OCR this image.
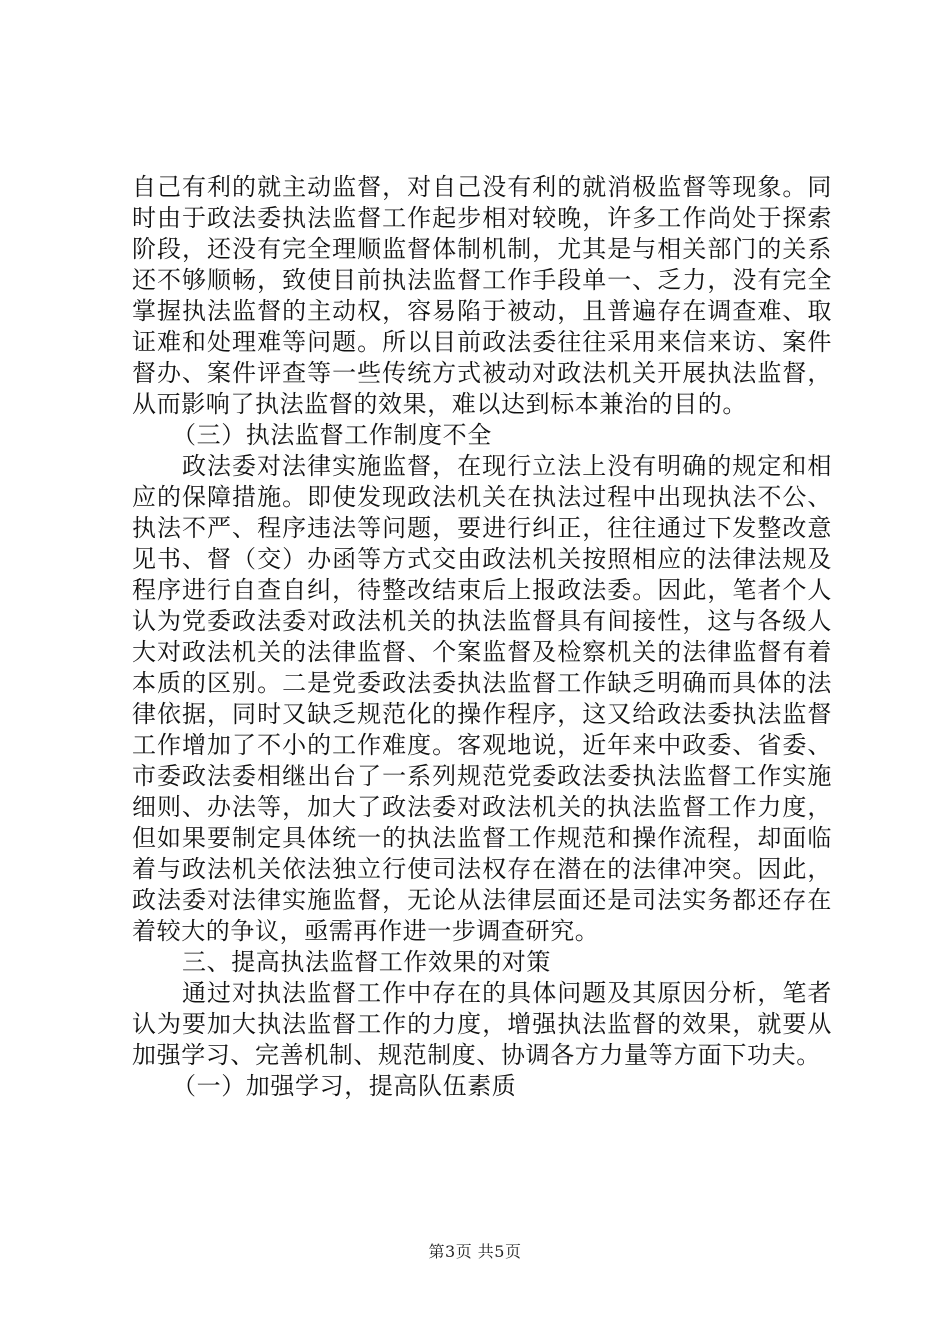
自己有利的就主动监督，对自己没有利的就消极监督等现象。同时由于政法委执法监督工作起步相对较晚，许多工作尚处于探索阶段，还没有完全理顺监督体制机制，尤其是与相关部门的关系还不够顺畅，致使目前执法监督工作手段单一、乏力，没有完全掌握执法监督的主动权，容易陷于被动，且普遍存在调查难、取证难和处理难等问题。所以目前政法委往往采用来信来访、案件督办、案件评查等一些传统方式被动对政法机关开展执法监督，从而影响了执法监督的效果，难以达到标本兼治的目的。

（三）执法监督工作制度不全

政法委对法律实施监督，在现行立法上没有明确的规定和相应的保障措施。即使发现政法机关在执法过程中出现执法不公、执法不严、程序违法等问题，要进行纠正，往往通过下发整改意见书、督（交）办函等方式交由政法机关按照相应的法律法规及程序进行自查自纠，待整改结束后上报政法委。因此，笔者个人认为党委政法委对政法机关的执法监督具有间接性，这与各级人大对政法机关的法律监督、个案监督及检察机关的法律监督有着本质的区别。二是党委政法委执法监督工作缺乏明确而具体的法律依据，同时又缺乏规范化的操作程序，这又给政法委执法监督工作增加了不小的工作难度。客观地说，近年来中政委、省委、市委政法委相继出台了一系列规范党委政法委执法监督工作实施细则、办法等，加大了政法委对政法机关的执法监督工作力度，但如果要制定具体统一的执法监督工作规范和操作流程，却面临着与政法机关依法独立行使司法权存在潜在的法律冲突。因此，政法委对法律实施监督，无论从法律层面还是司法实务都还存在着较大的争议，亟需再作进一步调查研究。

三、提高执法监督工作效果的对策

通过对执法监督工作中存在的具体问题及其原因分析，笔者认为要加大执法监督工作的力度，增强执法监督的效果，就要从加强学习、完善机制、规范制度、协调各方力量等方面下功夫。

（一）加强学习，提高队伍素质

第3页 共5页
